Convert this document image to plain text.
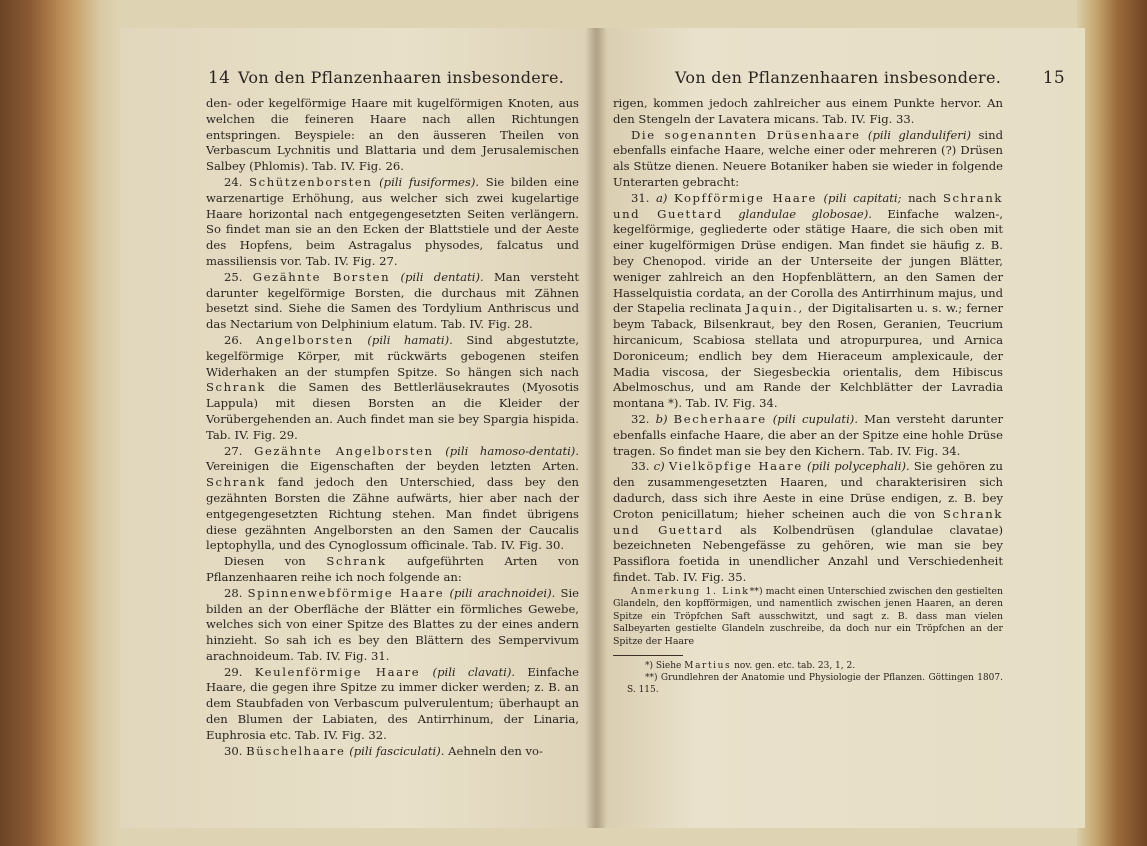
14 Von den Pflanzenhaaren insbesondere.

den- oder kegelförmige Haare mit kugelförmigen Knoten, aus welchen die feineren Haare nach allen Richtungen entspringen. Beyspiele: an den äusseren Theilen von Verbascum Lychnitis und Blattaria und dem Jerusalemischen Salbey (Phlomis). Tab. IV. Fig. 26.

24. Schützenborsten (pili fusiformes). Sie bilden eine warzenartige Erhöhung, aus welcher sich zwei kugelartige Haare horizontal nach entgegengesetzten Seiten verlängern. So findet man sie an den Ecken der Blattstiele und der Aeste des Hopfens, beim Astragalus physodes, falcatus und massiliensis vor. Tab. IV. Fig. 27.

25. Gezähnte Borsten (pili dentati). Man versteht darunter kegelförmige Borsten, die durchaus mit Zähnen besetzt sind. Siehe die Samen des Tordylium Anthriscus und das Nectarium von Delphinium elatum. Tab. IV. Fig. 28.

26. Angelborsten (pili hamati). Sind abgestutzte, kegelförmige Körper, mit rückwärts gebogenen steifen Widerhaken an der stumpfen Spitze. So hängen sich nach Schrank die Samen des Bettlerläusekrautes (Myosotis Lappula) mit diesen Borsten an die Kleider der Vorübergehenden an. Auch findet man sie bey Spargia hispida. Tab. IV. Fig. 29.

27. Gezähnte Angelborsten (pili hamoso-dentati). Vereinigen die Eigenschaften der beyden letzten Arten. Schrank fand jedoch den Unterschied, dass bey den gezähnten Borsten die Zähne aufwärts, hier aber nach der entgegengesetzten Richtung stehen. Man findet übrigens diese gezähnten Angelborsten an den Samen der Caucalis leptophylla, und des Cynoglossum officinale. Tab. IV. Fig. 30.

Diesen von Schrank aufgeführten Arten von Pflanzenhaaren reihe ich noch folgende an:

28. Spinnenwebförmige Haare (pili arachnoidei). Sie bilden an der Oberfläche der Blätter ein förmliches Gewebe, welches sich von einer Spitze des Blattes zu der eines andern hinzieht. So sah ich es bey den Blättern des Sempervivum arachnoideum. Tab. IV. Fig. 31.

29. Keulenförmige Haare (pili clavati). Einfache Haare, die gegen ihre Spitze zu immer dicker werden; z. B. an dem Staubfaden von Verbascum pulverulentum; überhaupt an den Blumen der Labiaten, des Antirrhinum, der Linaria, Euphrosia etc. Tab. IV. Fig. 32.

30. Büschelhaare (pili fasciculati). Aehneln den vo-

Von den Pflanzenhaaren insbesondere. 15

rigen, kommen jedoch zahlreicher aus einem Punkte hervor. An den Stengeln der Lavatera micans. Tab. IV. Fig. 33.

Die sogenannten Drüsenhaare (pili glanduliferi) sind ebenfalls einfache Haare, welche einer oder mehreren (?) Drüsen als Stütze dienen. Neuere Botaniker haben sie wieder in folgende Unterarten gebracht:

31. a) Kopfförmige Haare (pili capitati; nach Schrank und Guettard glandulae globosae). Einfache walzen-, kegelförmige, gegliederte oder stätige Haare, die sich oben mit einer kugelförmigen Drüse endigen. Man findet sie häufig z. B. bey Chenopod. viride an der Unterseite der jungen Blätter, weniger zahlreich an den Hopfenblättern, an den Samen der Hasselquistia cordata, an der Corolla des Antirrhinum majus, und der Stapelia reclinata Jaquin., der Digitalisarten u. s. w.; ferner beym Taback, Bilsenkraut, bey den Rosen, Geranien, Teucrium hircanicum, Scabiosa stellata und atropurpurea, und Arnica Doroniceum; endlich bey dem Hieraceum amplexicaule, der Madia viscosa, der Siegesbeckia orientalis, dem Hibiscus Abelmoschus, und am Rande der Kelchblätter der Lavradia montana *). Tab. IV. Fig. 34.

32. b) Becherhaare (pili cupulati). Man versteht darunter ebenfalls einfache Haare, die aber an der Spitze eine hohle Drüse tragen. So findet man sie bey den Kichern. Tab. IV. Fig. 34.

33. c) Vielköpfige Haare (pili polycephali). Sie gehören zu den zusammengesetzten Haaren, und charakterisiren sich dadurch, dass sich ihre Aeste in eine Drüse endigen, z. B. bey Croton penicillatum; hieher scheinen auch die von Schrank und Guettard als Kolbendrüsen (glandulae clavatae) bezeichneten Nebengefässe zu gehören, wie man sie bey Passiflora foetida in unendlicher Anzahl und Verschiedenheit findet. Tab. IV. Fig. 35.

Anmerkung 1. Link**) macht einen Unterschied zwischen den gestielten Glandeln, den kopfförmigen, und namentlich zwischen jenen Haaren, an deren Spitze ein Tröpfchen Saft ausschwitzt, und sagt z. B. dass man vielen Salbeyarten gestielte Glandeln zuschreibe, da doch nur ein Tröpfchen an der Spitze der Haare

*) Siehe Martius nov. gen. etc. tab. 23, 1, 2.

**) Grundlehren der Anatomie und Physiologie der Pflanzen. Göttingen 1807. S. 115.
